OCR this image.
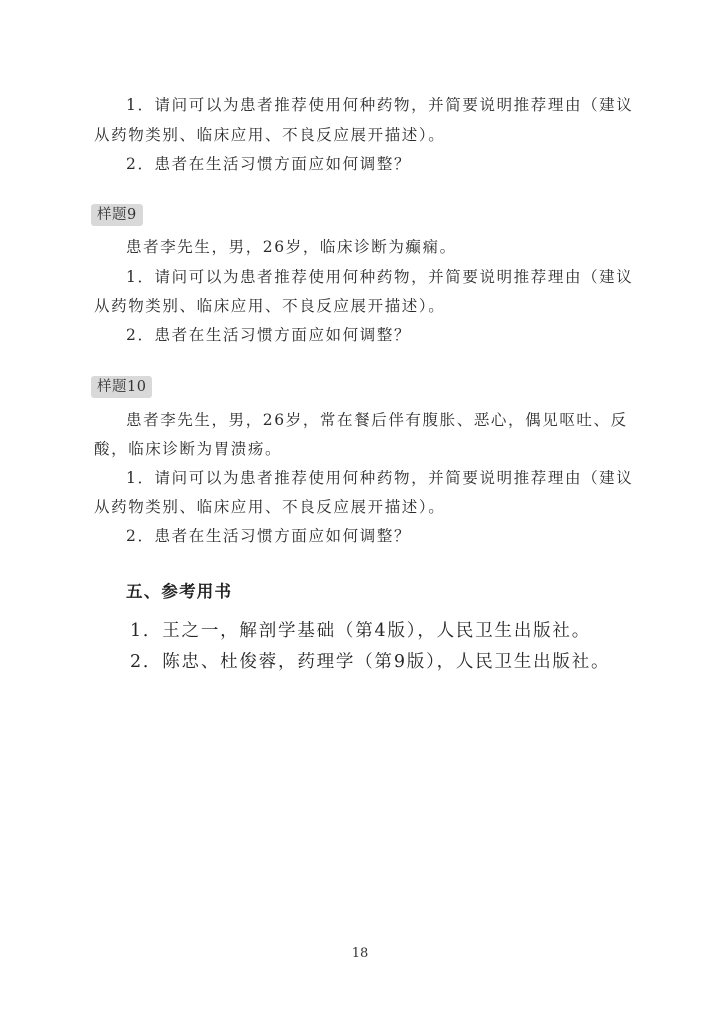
1．请问可以为患者推荐使用何种药物，并简要说明推荐理由（建议
从药物类别、临床应用、不良反应展开描述）。
2．患者在生活习惯方面应如何调整？
样题9
患者李先生，男，26岁，临床诊断为癫痫。
1．请问可以为患者推荐使用何种药物，并简要说明推荐理由（建议
从药物类别、临床应用、不良反应展开描述）。
2．患者在生活习惯方面应如何调整？
样题10
患者李先生，男，26岁，常在餐后伴有腹胀、恶心，偶见呕吐、反
酸，临床诊断为胃溃疡。
1．请问可以为患者推荐使用何种药物，并简要说明推荐理由（建议
从药物类别、临床应用、不良反应展开描述）。
2．患者在生活习惯方面应如何调整？
五、参考用书
1．王之一，解剖学基础（第4版），人民卫生出版社。
2．陈忠、杜俊蓉，药理学（第9版），人民卫生出版社。
18
